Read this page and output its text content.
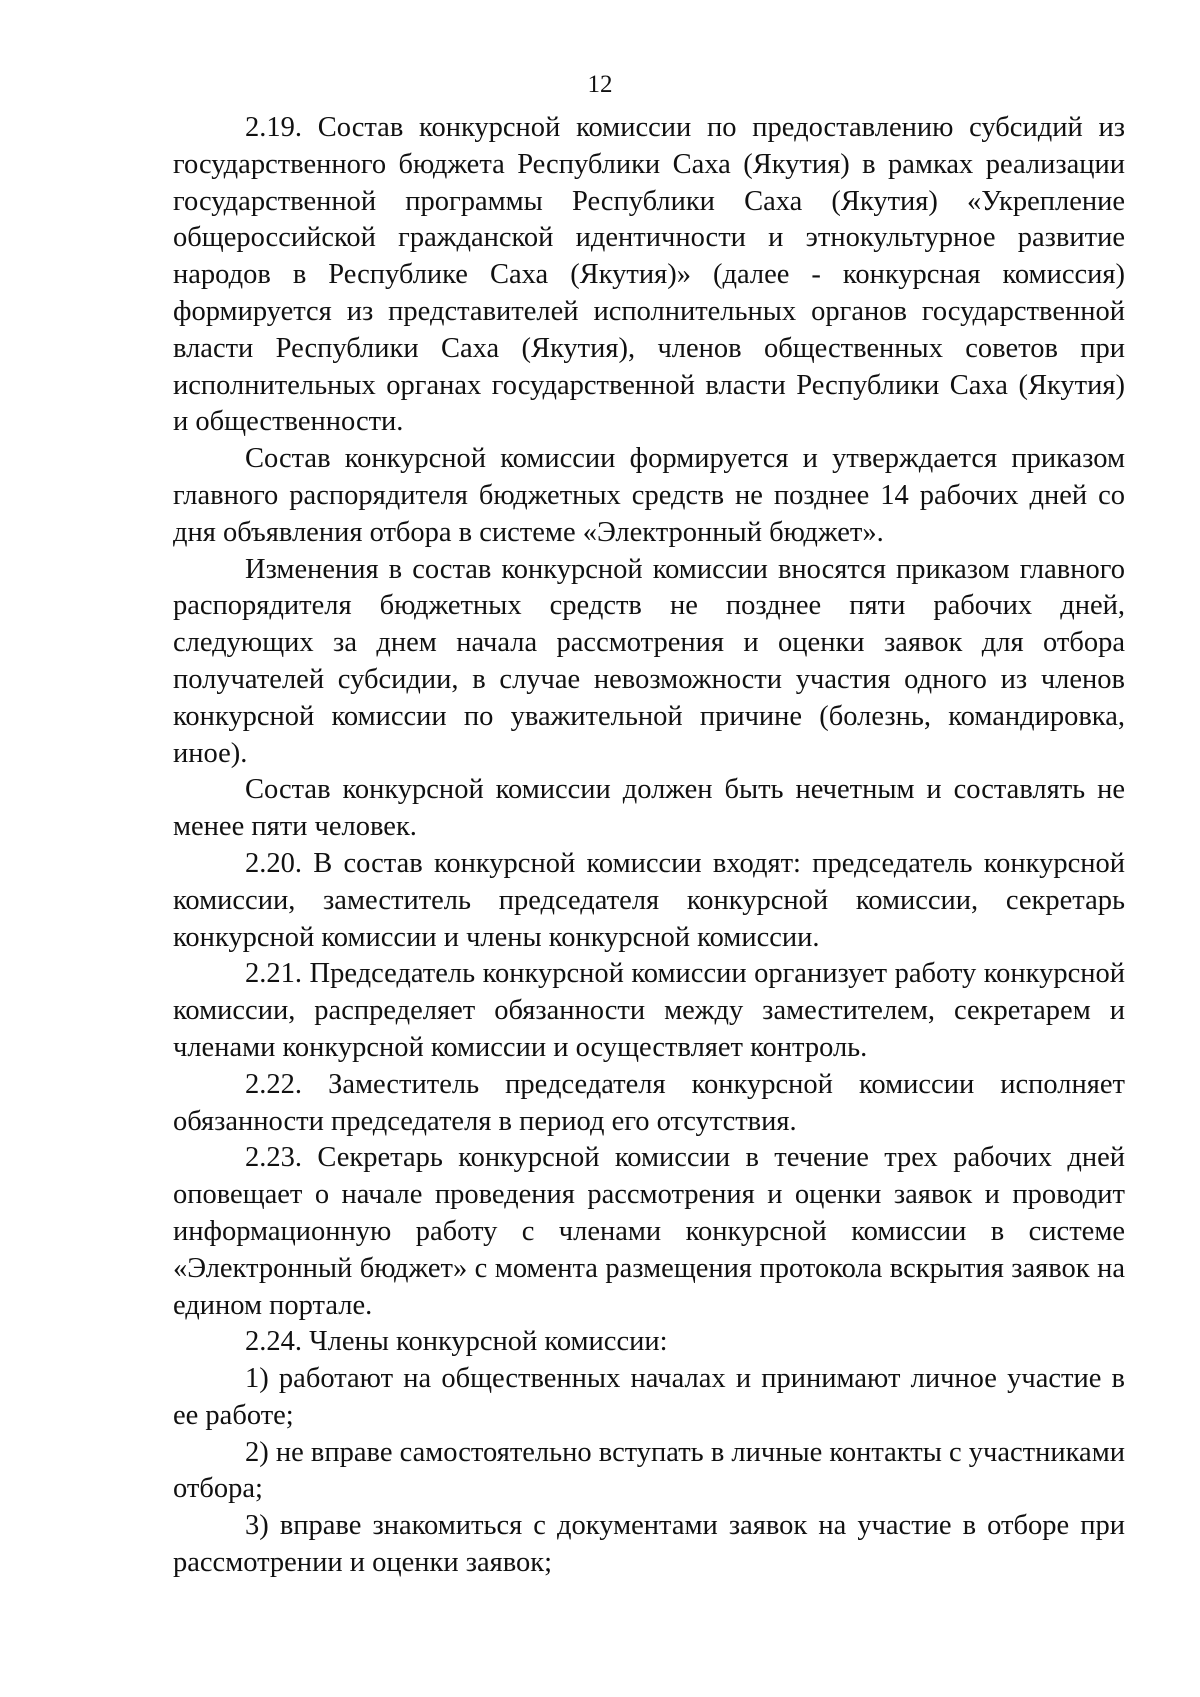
12

2.19. Состав конкурсной комиссии по предоставлению субсидий из государственного бюджета Республики Саха (Якутия) в рамках реализации государственной программы Республики Саха (Якутия) «Укрепление общероссийской гражданской идентичности и этнокультурное развитие народов в Республике Саха (Якутия)» (далее - конкурсная комиссия) формируется из представителей исполнительных органов государственной власти Республики Саха (Якутия), членов общественных советов при исполнительных органах государственной власти Республики Саха (Якутия) и общественности.

Состав конкурсной комиссии формируется и утверждается приказом главного распорядителя бюджетных средств не позднее 14 рабочих дней со дня объявления отбора в системе «Электронный бюджет».

Изменения в состав конкурсной комиссии вносятся приказом главного распорядителя бюджетных средств не позднее пяти рабочих дней, следующих за днем начала рассмотрения и оценки заявок для отбора получателей субсидии, в случае невозможности участия одного из членов конкурсной комиссии по уважительной причине (болезнь, командировка, иное).

Состав конкурсной комиссии должен быть нечетным и составлять не менее пяти человек.

2.20. В состав конкурсной комиссии входят: председатель конкурсной комиссии, заместитель председателя конкурсной комиссии, секретарь конкурсной комиссии и члены конкурсной комиссии.

2.21. Председатель конкурсной комиссии организует работу конкурсной комиссии, распределяет обязанности между заместителем, секретарем и членами конкурсной комиссии и осуществляет контроль.

2.22. Заместитель председателя конкурсной комиссии исполняет обязанности председателя в период его отсутствия.

2.23. Секретарь конкурсной комиссии в течение трех рабочих дней оповещает о начале проведения рассмотрения и оценки заявок и проводит информационную работу с членами конкурсной комиссии в системе «Электронный бюджет» с момента размещения протокола вскрытия заявок на едином портале.

2.24. Члены конкурсной комиссии:

1) работают на общественных началах и принимают личное участие в ее работе;

2) не вправе самостоятельно вступать в личные контакты с участниками отбора;

3) вправе знакомиться с документами заявок на участие в отборе при рассмотрении и оценки заявок;
